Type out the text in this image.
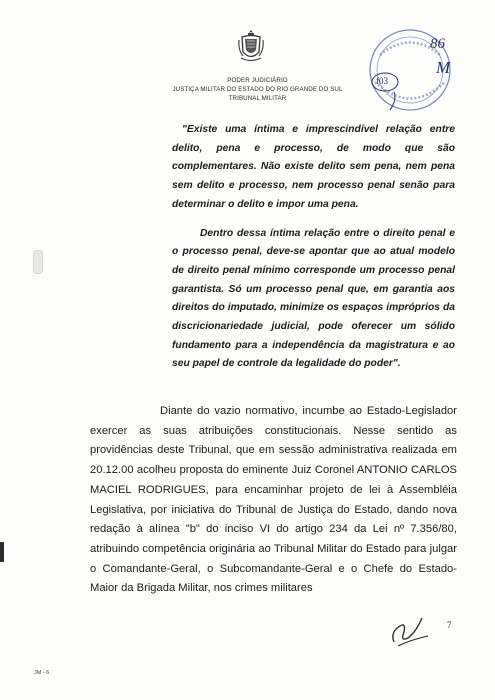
PODER JUDICIÁRIO
JUSTIÇA MILITAR DO ESTADO DO RIO GRANDE DO SUL
TRIBUNAL MILITAR
86
M
f03

"Existe uma íntima e imprescindível relação entre delito, pena e processo, de modo que são complementares. Não existe delito sem pena, nem pena sem delito e processo, nem processo penal senão para determinar o delito e impor uma pena.

Dentro dessa íntima relação entre o direito penal e o processo penal, deve-se apontar que ao atual modelo de direito penal mínimo corresponde um processo penal garantista. Só um processo penal que, em garantia aos direitos do imputado, minimize os espaços impróprios da discricionariedade judicial, pode oferecer um sólido fundamento para a independência da magistratura e ao seu papel de controle da legalidade do poder".

Diante do vazio normativo, incumbe ao Estado-Legislador exercer as suas atribuições constitucionais. Nesse sentido as providências deste Tribunal, que em sessão administrativa realizada em 20.12.00 acolheu proposta do eminente Juiz Coronel ANTONIO CARLOS MACIEL RODRIGUES, para encaminhar projeto de lei à Assembléia Legislativa, por iniciativa do Tribunal de Justiça do Estado, dando nova redação à alínea "b" do inciso VI do artigo 234 da Lei nº 7.356/80, atribuindo competência originária ao Tribunal Militar do Estado para julgar o Comandante-Geral, o Subcomandante-Geral e o Chefe do Estado-Maior da Brigada Militar, nos crimes militares

7
JM - 6
